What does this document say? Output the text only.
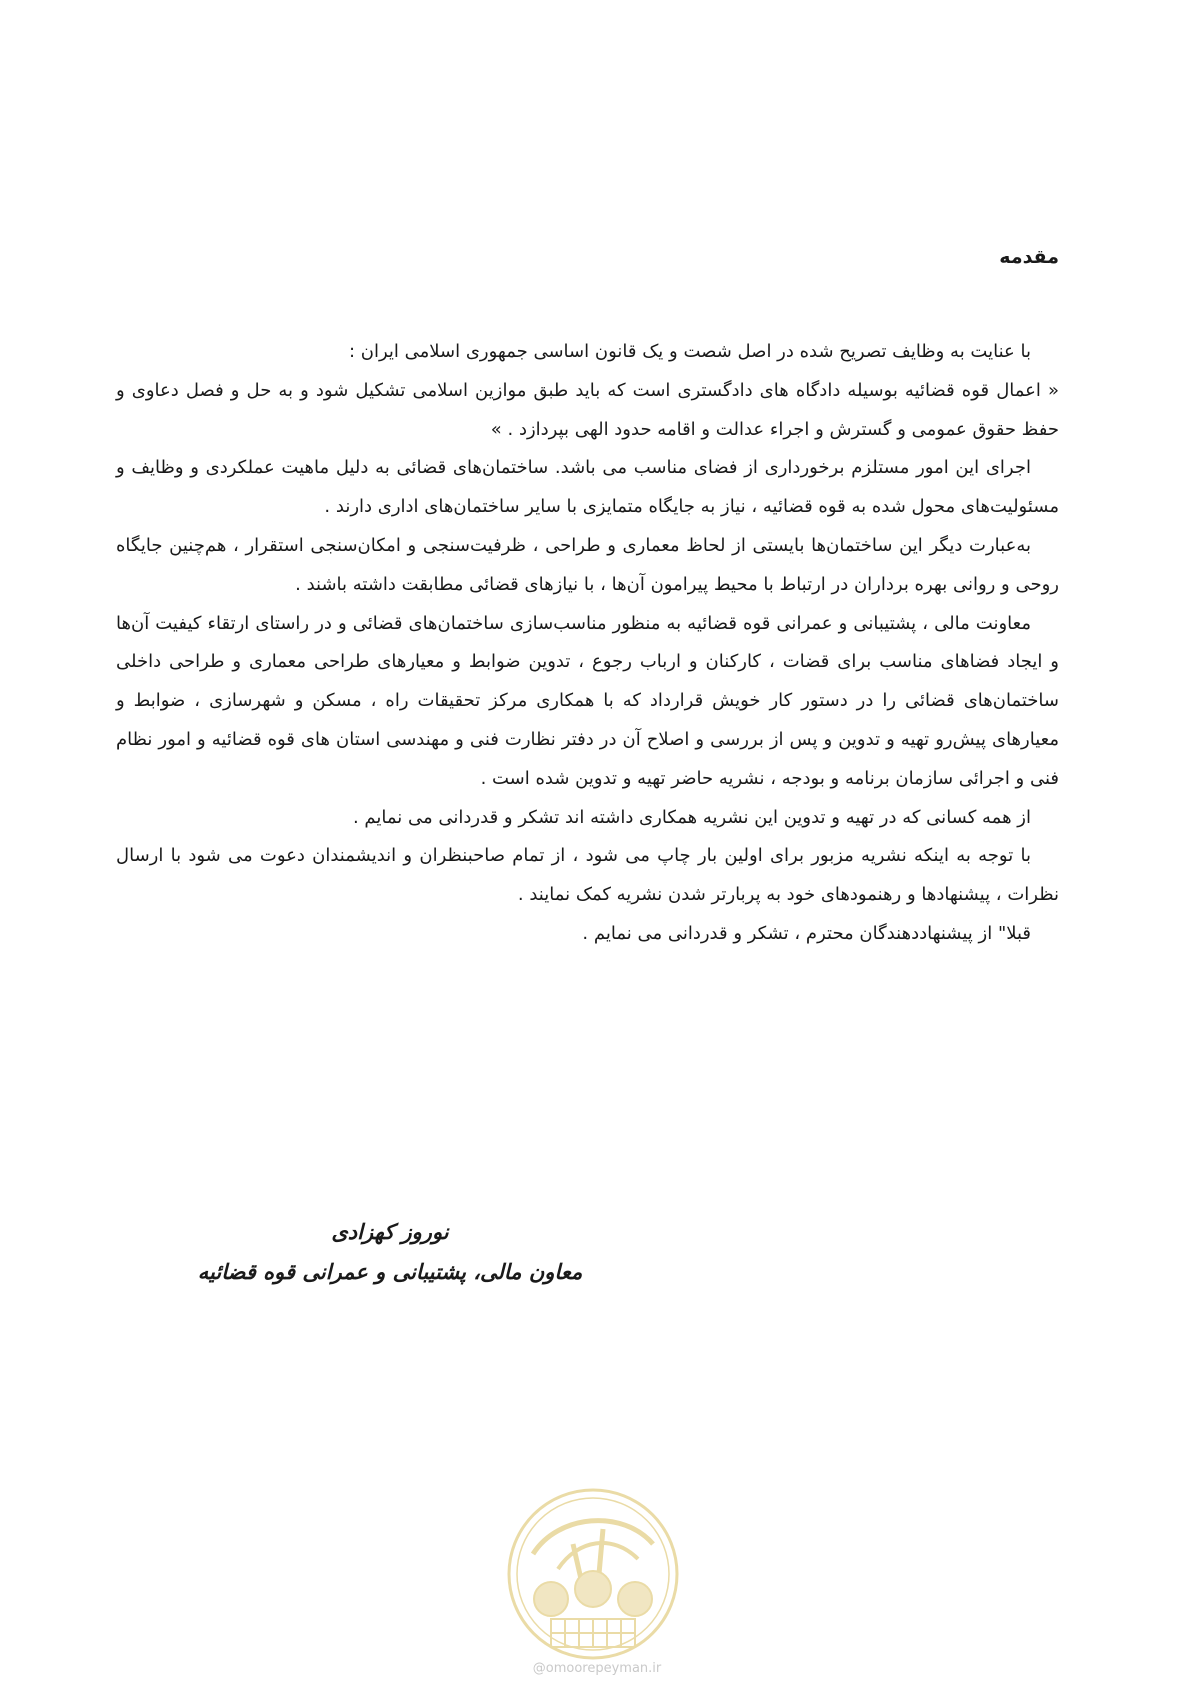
مقدمه

با عنایت به وظایف تصریح شده در اصل شصت و یک قانون اساسی جمهوری اسلامی ایران :

« اعمال قوه قضائیه بوسیله دادگاه های دادگستری است که باید طبق موازین اسلامی تشکیل شود و به حل و فصل دعاوی و حفظ حقوق عمومی و گسترش و اجراء عدالت و اقامه حدود الهی بپردازد . »

اجرای این امور مستلزم برخورداری از فضای مناسب می باشد. ساختمان‌های قضائی به دلیل ماهیت عملکردی و وظایف و مسئولیت‌های محول شده به قوه قضائیه ، نیاز به جایگاه متمایزی با سایر ساختمان‌های اداری دارند .

به‌عبارت دیگر این ساختمان‌ها بایستی از لحاظ معماری و طراحی ، ظرفیت‌سنجی و امکان‌سنجی استقرار ، هم‌چنین جایگاه روحی و روانی بهره برداران در ارتباط با محیط پیرامون آن‌ها ، با نیازهای قضائی مطابقت داشته باشند .

معاونت مالی ، پشتیبانی و عمرانی قوه قضائیه به منظور مناسب‌سازی ساختمان‌های قضائی و در راستای ارتقاء کیفیت آن‌ها و ایجاد فضاهای مناسب برای قضات ، کارکنان و ارباب رجوع ، تدوین ضوابط و معیارهای طراحی معماری و طراحی داخلی ساختمان‌های قضائی را در دستور کار خویش قرارداد که با همکاری مرکز تحقیقات راه ، مسکن و شهرسازی ، ضوابط و معیارهای پیش‌رو تهیه و تدوین و پس از بررسی و اصلاح آن در دفتر نظارت فنی و مهندسی استان های قوه قضائیه و امور نظام فنی و اجرائی سازمان برنامه و بودجه ، نشریه حاضر تهیه و تدوین شده است .

از همه کسانی که در تهیه و تدوین این نشریه همکاری داشته اند تشکر و قدردانی می نمایم .

با توجه به اینکه نشریه مزبور برای اولین بار چاپ می شود ، از تمام صاحبنظران و اندیشمندان دعوت می شود با ارسال نظرات ، پیشنهادها و رهنمودهای خود به پربارتر شدن نشریه کمک نمایند .

قبلا" از پیشنهاددهندگان محترم ، تشکر و قدردانی می نمایم .

نوروز کهزادی

معاون مالی، پشتیبانی و عمرانی قوه قضائیه

@omoorepeyman.ir
